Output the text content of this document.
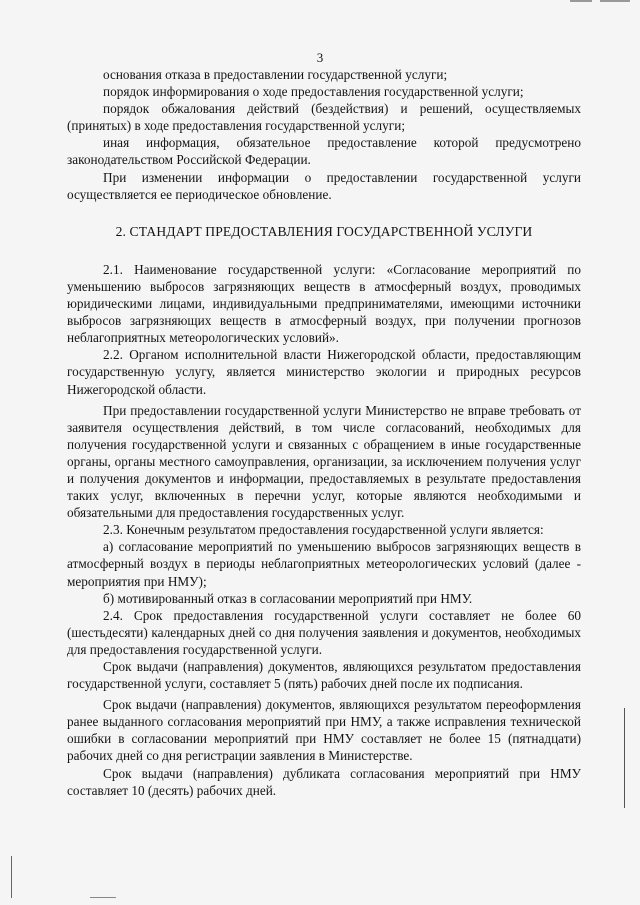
3

основания отказа в предоставлении государственной услуги;

порядок информирования о ходе предоставления государственной услуги;

порядок обжалования действий (бездействия) и решений, осуществляемых (принятых) в ходе предоставления государственной услуги;

иная информация, обязательное предоставление которой предусмотрено законодательством Российской Федерации.

При изменении информации о предоставлении государственной услуги осуществляется ее периодическое обновление.

2. СТАНДАРТ ПРЕДОСТАВЛЕНИЯ ГОСУДАРСТВЕННОЙ УСЛУГИ

2.1. Наименование государственной услуги: «Согласование мероприятий по уменьшению выбросов загрязняющих веществ в атмосферный воздух, проводимых юридическими лицами, индивидуальными предпринимателями, имеющими источники выбросов загрязняющих веществ в атмосферный воздух, при получении прогнозов неблагоприятных метеорологических условий».

2.2. Органом исполнительной власти Нижегородской области, предоставляющим государственную услугу, является министерство экологии и природных ресурсов Нижегородской области.

При предоставлении государственной услуги Министерство не вправе требовать от заявителя осуществления действий, в том числе согласований, необходимых для получения государственной услуги и связанных с обращением в иные государственные органы, органы местного самоуправления, организации, за исключением получения услуг и получения документов и информации, предоставляемых в результате предоставления таких услуг, включенных в перечни услуг, которые являются необходимыми и обязательными для предоставления государственных услуг.

2.3. Конечным результатом предоставления государственной услуги является:

а) согласование мероприятий по уменьшению выбросов загрязняющих веществ в атмосферный воздух в периоды неблагоприятных метеорологических условий (далее - мероприятия при НМУ);

б) мотивированный отказ в согласовании мероприятий при НМУ.

2.4. Срок предоставления государственной услуги составляет не более 60 (шестьдесяти) календарных дней со дня получения заявления и документов, необходимых для предоставления государственной услуги.

Срок выдачи (направления) документов, являющихся результатом предоставления государственной услуги, составляет 5 (пять) рабочих дней после их подписания.

Срок выдачи (направления) документов, являющихся результатом переоформления ранее выданного согласования мероприятий при НМУ, а также исправления технической ошибки в согласовании мероприятий при НМУ составляет не более 15 (пятнадцати) рабочих дней со дня регистрации заявления в Министерстве.

Срок выдачи (направления) дубликата согласования мероприятий при НМУ составляет 10 (десять) рабочих дней.
